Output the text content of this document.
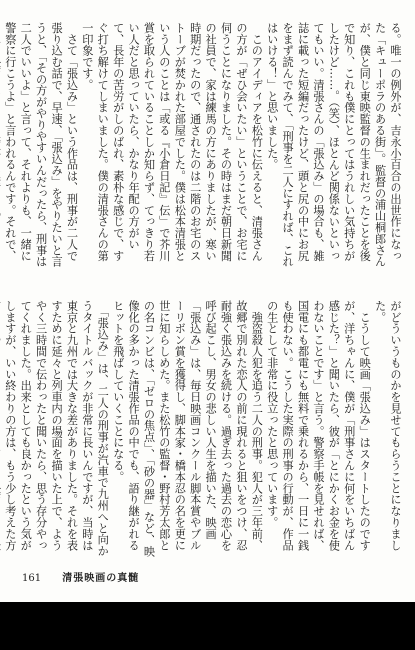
る。唯一の例外が、吉永小百合の出世作になった「キューポラのある街」。監督の浦山桐郎さんが、僕と同じ東映監督の生まれだったことを後で知り、これも僕にとってはうれしい気持ちがしたけど……。（笑）、ほとんど関係ないといってもいい。清張さんの「張込み」の場合も、雑誌に載った短編だったけど、頭と尻の中にお尻をまず読んでみて、「刑事を二人にすれば、これはいける！」と思いました。
　このアイディアを松竹に伝えると、清張さんの方が「ぜひ会いたい」ということで、お宅に伺うことになりました。その時はまだ朝日新聞の社員で、家は練馬の方にありましたが、寒い時期だったので、通されたのは二階のお宅のストーブが焚かれた部屋でした。僕は松本清張という人のことは「或る『小倉日記』伝」で芥川賞を取られていることしか知らず、てっきり若い人だと思っていたら、かなり年配の方がいて、長年の苦労がしのばれ、素朴な感じで、すぐ打ち解けてしまいました。僕の清張さんの第一印象です。
　さて「張込み」という作品は、刑事が二人で張り込む話で、早速、「張込み」をやりたいと言うと、「その方がやりやすいんだったら、刑事は二人でいいよ」と言って、それよりも、一緒に警察に行こうよ」と言われるんです。それで、
がどういうものかを見せてもらうことになりました。
　こうして映画「張込み」はスタートしたのですが、洋ちゃんに、僕が「刑事さんに何をいちばん感じた？」と聞いたら、彼が「とにかくお金を使わないことです」と言う。警察手帳を見せれば、国電にも都電にも無料で乗れるから、一日に一銭も使わない。こうした実際の刑事の行動が、作品の生として非常に役立ったと思っています。
　強盗殺人犯を追う二人の刑事。犯人が三年前、故郷で別れた恋人の前に現れると狙いをつけ、忍耐強く張込みを続ける。過ぎ去った過去の恋心を呼び起こし、男女の悲しい人生を描いた、映画「張込み」は、毎日映画コンクール脚本賞やブルーリボン賞を獲得し、脚本家・橋本忍の名を更に世に知らしめた。また松竹の監督・野村芳太郎との名コンビは、「ゼロの焦点」、「砂の器」など、映像化の多かった清張作品の中でも、語り継がれるヒットを飛ばしていくことになる。
　「張込み」は、二人の刑事が汽車で九州へと向かうタイトルバックが非常に長いんですが、当時は東京と九州では大きな差がありました。それを表すために延々と列車内の場面を描いた上で、ようやく三時間で伝わったと聞いたら、思う存分やってくれました。出来としても良かったという気がしますが、いい終わりの方は、もう少し考えた方
161 清張映画の真髄
